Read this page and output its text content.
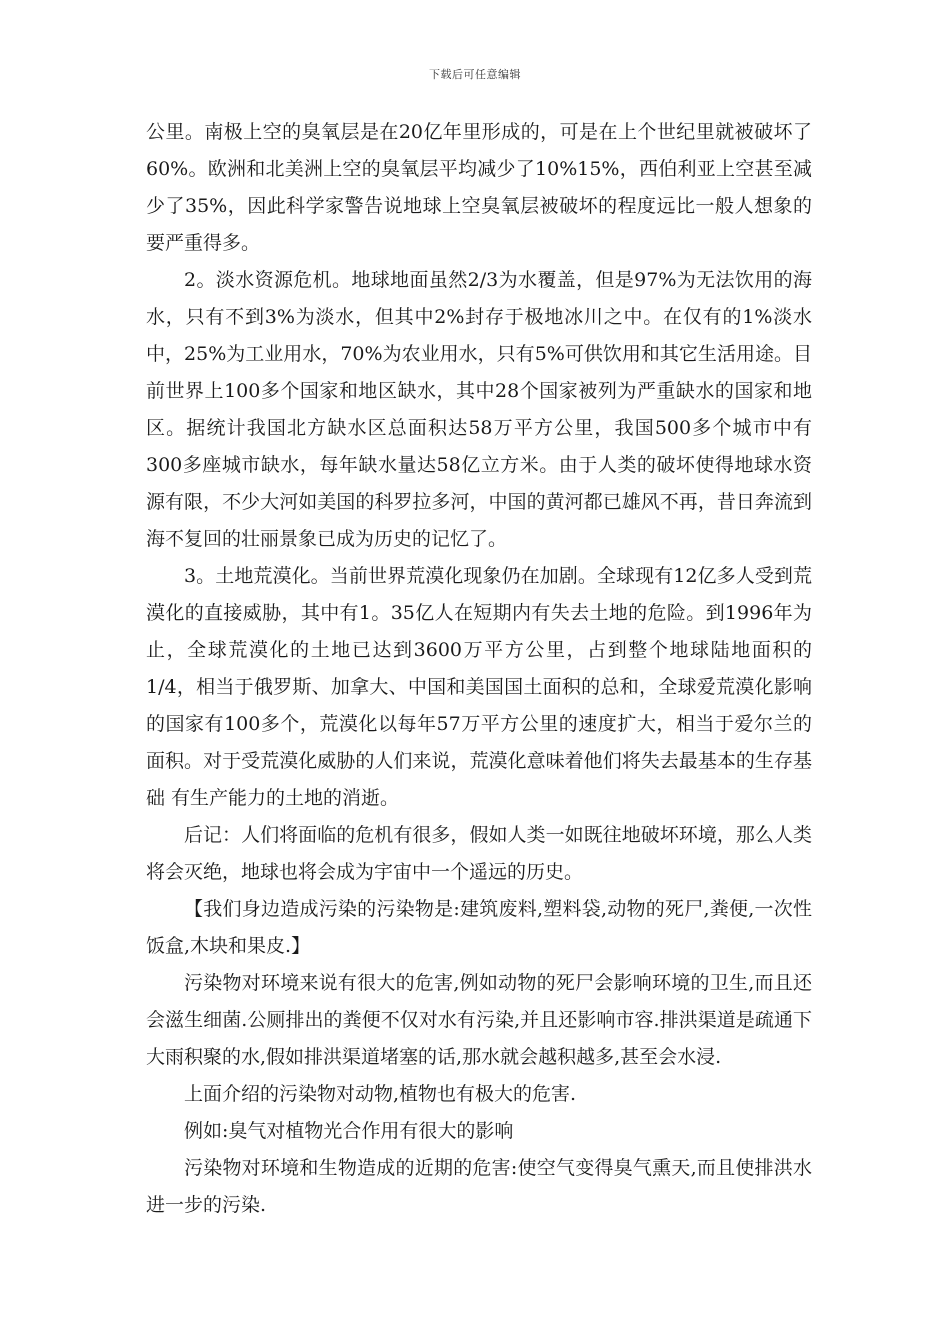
下载后可任意编辑

公里。南极上空的臭氧层是在20亿年里形成的，可是在上个世纪里就被破坏了60%。欧洲和北美洲上空的臭氧层平均减少了10%15%，西伯利亚上空甚至减少了35%，因此科学家警告说地球上空臭氧层被破坏的程度远比一般人想象的要严重得多。

2。淡水资源危机。地球地面虽然2/3为水覆盖，但是97%为无法饮用的海水，只有不到3%为淡水，但其中2%封存于极地冰川之中。在仅有的1%淡水中，25%为工业用水，70%为农业用水，只有5%可供饮用和其它生活用途。目前世界上100多个国家和地区缺水，其中28个国家被列为严重缺水的国家和地区。据统计我国北方缺水区总面积达58万平方公里，我国500多个城市中有300多座城市缺水，每年缺水量达58亿立方米。由于人类的破坏使得地球水资源有限，不少大河如美国的科罗拉多河，中国的黄河都已雄风不再，昔日奔流到海不复回的壮丽景象已成为历史的记忆了。

3。土地荒漠化。当前世界荒漠化现象仍在加剧。全球现有12亿多人受到荒漠化的直接威胁，其中有1。35亿人在短期内有失去土地的危险。到1996年为止，全球荒漠化的土地已达到3600万平方公里，占到整个地球陆地面积的1/4，相当于俄罗斯、加拿大、中国和美国国土面积的总和，全球爱荒漠化影响的国家有100多个，荒漠化以每年57万平方公里的速度扩大，相当于爱尔兰的面积。对于受荒漠化威胁的人们来说，荒漠化意味着他们将失去最基本的生存基础 有生产能力的土地的消逝。

后记：人们将面临的危机有很多，假如人类一如既往地破坏环境，那么人类将会灭绝，地球也将会成为宇宙中一个遥远的历史。

【我们身边造成污染的污染物是:建筑废料,塑料袋,动物的死尸,粪便,一次性饭盒,木块和果皮.】

污染物对环境来说有很大的危害,例如动物的死尸会影响环境的卫生,而且还会滋生细菌.公厕排出的粪便不仅对水有污染,并且还影响市容.排洪渠道是疏通下大雨积聚的水,假如排洪渠道堵塞的话,那水就会越积越多,甚至会水浸.

上面介绍的污染物对动物,植物也有极大的危害.

例如:臭气对植物光合作用有很大的影响

污染物对环境和生物造成的近期的危害:使空气变得臭气熏天,而且使排洪水进一步的污染.
